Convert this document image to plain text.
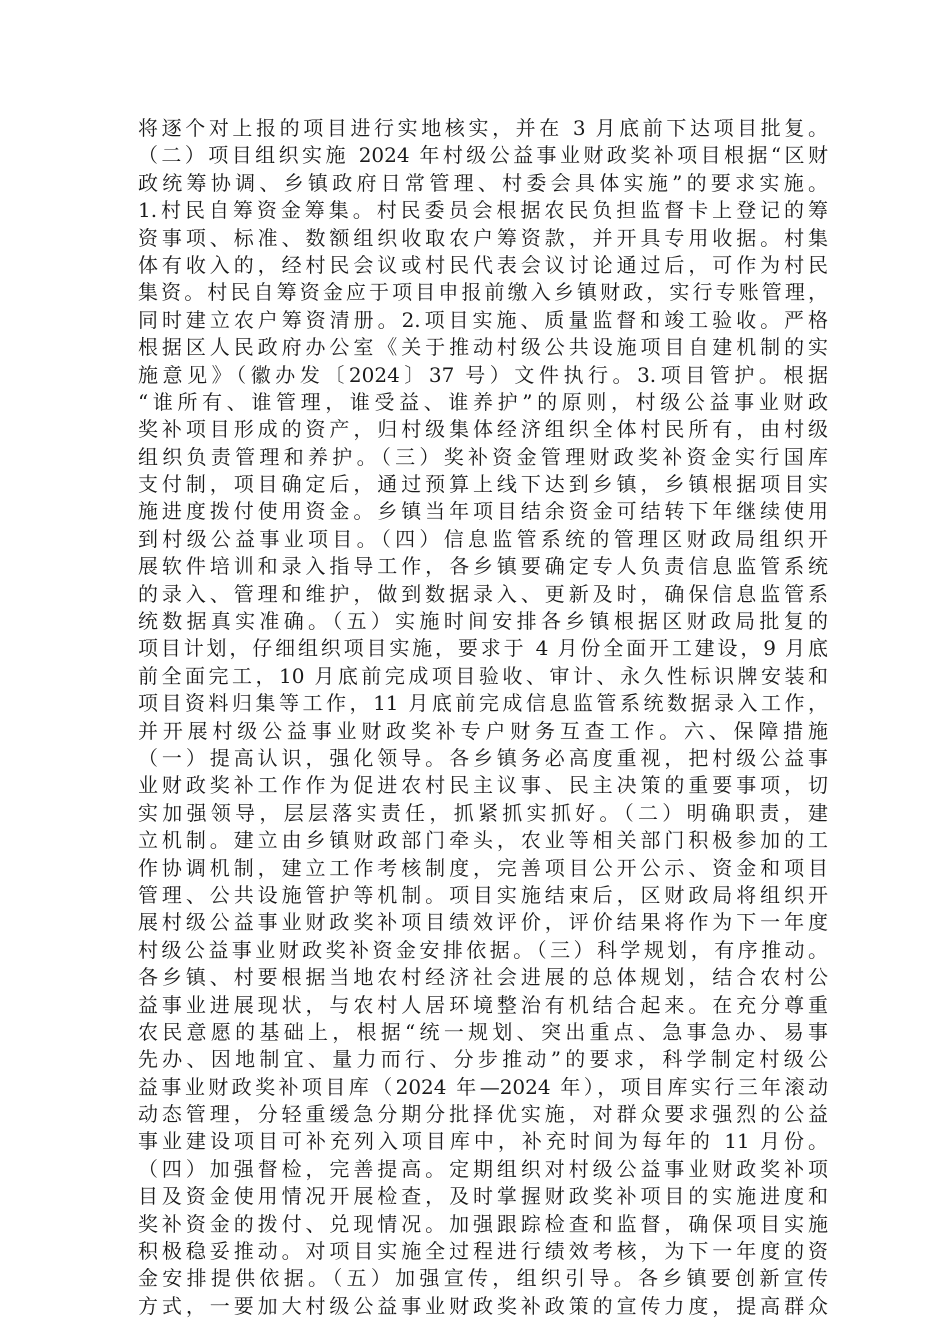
将逐个对上报的项目进行实地核实，并在 3 月底前下达项目批复。
（二）项目组织实施 2024 年村级公益事业财政奖补项目根据“区财
政统筹协调、乡镇政府日常管理、村委会具体实施”的要求实施。
1.村民自筹资金筹集。村民委员会根据农民负担监督卡上登记的筹
资事项、标准、数额组织收取农户筹资款，并开具专用收据。村集
体有收入的，经村民会议或村民代表会议讨论通过后，可作为村民
集资。村民自筹资金应于项目申报前缴入乡镇财政，实行专账管理，
同时建立农户筹资清册。2.项目实施、质量监督和竣工验收。严格
根据区人民政府办公室《关于推动村级公共设施项目自建机制的实
施意见》（徽办发〔2024〕37 号）文件执行。3.项目管护。根据
“谁所有、谁管理，谁受益、谁养护”的原则，村级公益事业财政
奖补项目形成的资产，归村级集体经济组织全体村民所有，由村级
组织负责管理和养护。（三）奖补资金管理财政奖补资金实行国库
支付制，项目确定后，通过预算上线下达到乡镇，乡镇根据项目实
施进度拨付使用资金。乡镇当年项目结余资金可结转下年继续使用
到村级公益事业项目。（四）信息监管系统的管理区财政局组织开
展软件培训和录入指导工作，各乡镇要确定专人负责信息监管系统
的录入、管理和维护，做到数据录入、更新及时，确保信息监管系
统数据真实准确。（五）实施时间安排各乡镇根据区财政局批复的
项目计划，仔细组织项目实施，要求于 4 月份全面开工建设，9 月底
前全面完工，10 月底前完成项目验收、审计、永久性标识牌安装和
项目资料归集等工作，11 月底前完成信息监管系统数据录入工作，
并开展村级公益事业财政奖补专户财务互查工作。六、保障措施
（一）提高认识，强化领导。各乡镇务必高度重视，把村级公益事
业财政奖补工作作为促进农村民主议事、民主决策的重要事项，切
实加强领导，层层落实责任，抓紧抓实抓好。（二）明确职责，建
立机制。建立由乡镇财政部门牵头，农业等相关部门积极参加的工
作协调机制，建立工作考核制度，完善项目公开公示、资金和项目
管理、公共设施管护等机制。项目实施结束后，区财政局将组织开
展村级公益事业财政奖补项目绩效评价，评价结果将作为下一年度
村级公益事业财政奖补资金安排依据。（三）科学规划，有序推动。
各乡镇、村要根据当地农村经济社会进展的总体规划，结合农村公
益事业进展现状，与农村人居环境整治有机结合起来。在充分尊重
农民意愿的基础上，根据“统一规划、突出重点、急事急办、易事
先办、因地制宜、量力而行、分步推动”的要求，科学制定村级公
益事业财政奖补项目库（2024 年—2024 年），项目库实行三年滚动
动态管理，分轻重缓急分期分批择优实施，对群众要求强烈的公益
事业建设项目可补充列入项目库中，补充时间为每年的 11 月份。
（四）加强督检，完善提高。定期组织对村级公益事业财政奖补项
目及资金使用情况开展检查，及时掌握财政奖补项目的实施进度和
奖补资金的拨付、兑现情况。加强跟踪检查和监督，确保项目实施
积极稳妥推动。对项目实施全过程进行绩效考核，为下一年度的资
金安排提供依据。（五）加强宣传，组织引导。各乡镇要创新宣传
方式，一要加大村级公益事业财政奖补政策的宣传力度，提高群众
